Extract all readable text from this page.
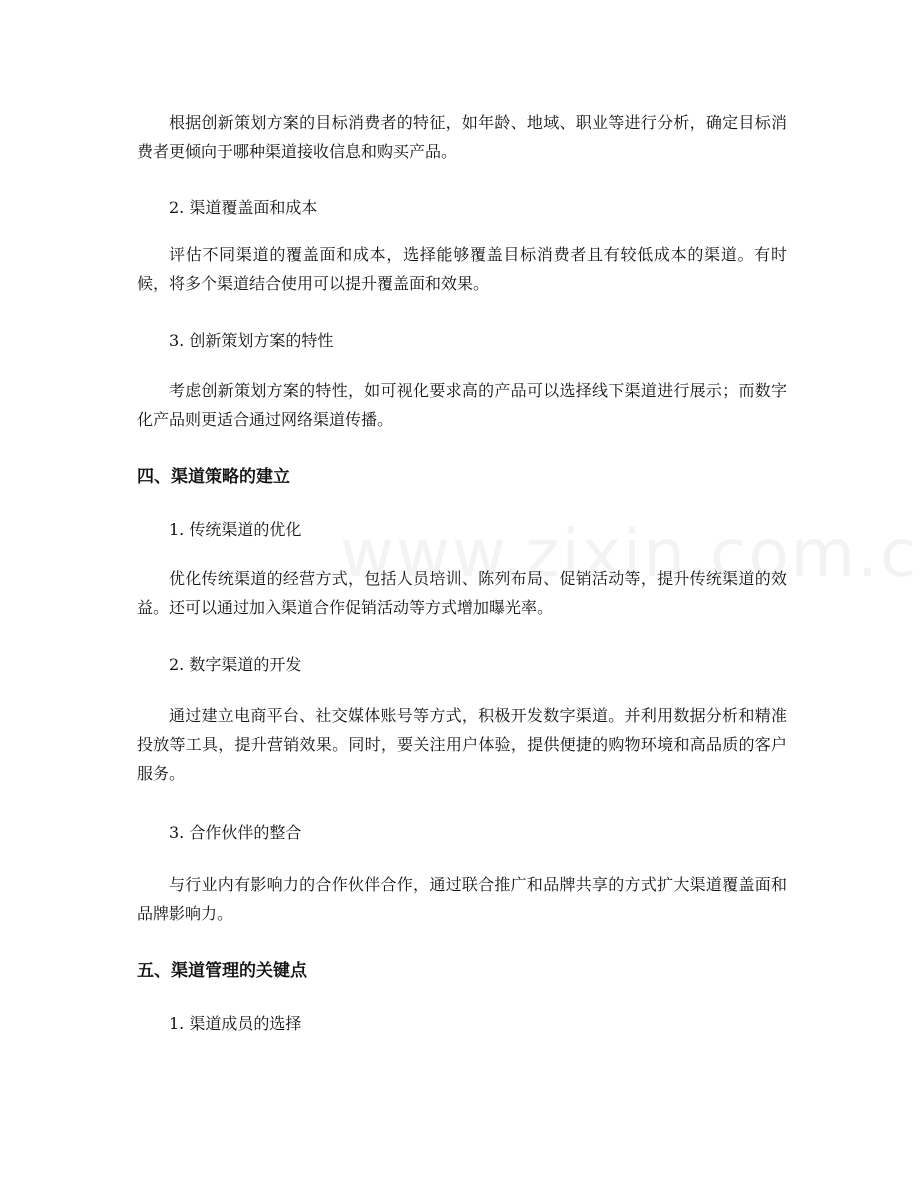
根据创新策划方案的目标消费者的特征，如年龄、地域、职业等进行分析，确定目标消费者更倾向于哪种渠道接收信息和购买产品。

2. 渠道覆盖面和成本

评估不同渠道的覆盖面和成本，选择能够覆盖目标消费者且有较低成本的渠道。有时候，将多个渠道结合使用可以提升覆盖面和效果。

3. 创新策划方案的特性

考虑创新策划方案的特性，如可视化要求高的产品可以选择线下渠道进行展示；而数字化产品则更适合通过网络渠道传播。

四、渠道策略的建立

1. 传统渠道的优化

优化传统渠道的经营方式，包括人员培训、陈列布局、促销活动等，提升传统渠道的效益。还可以通过加入渠道合作促销活动等方式增加曝光率。

2. 数字渠道的开发

通过建立电商平台、社交媒体账号等方式，积极开发数字渠道。并利用数据分析和精准投放等工具，提升营销效果。同时，要关注用户体验，提供便捷的购物环境和高品质的客户服务。

3. 合作伙伴的整合

与行业内有影响力的合作伙伴合作，通过联合推广和品牌共享的方式扩大渠道覆盖面和品牌影响力。

五、渠道管理的关键点

1. 渠道成员的选择
